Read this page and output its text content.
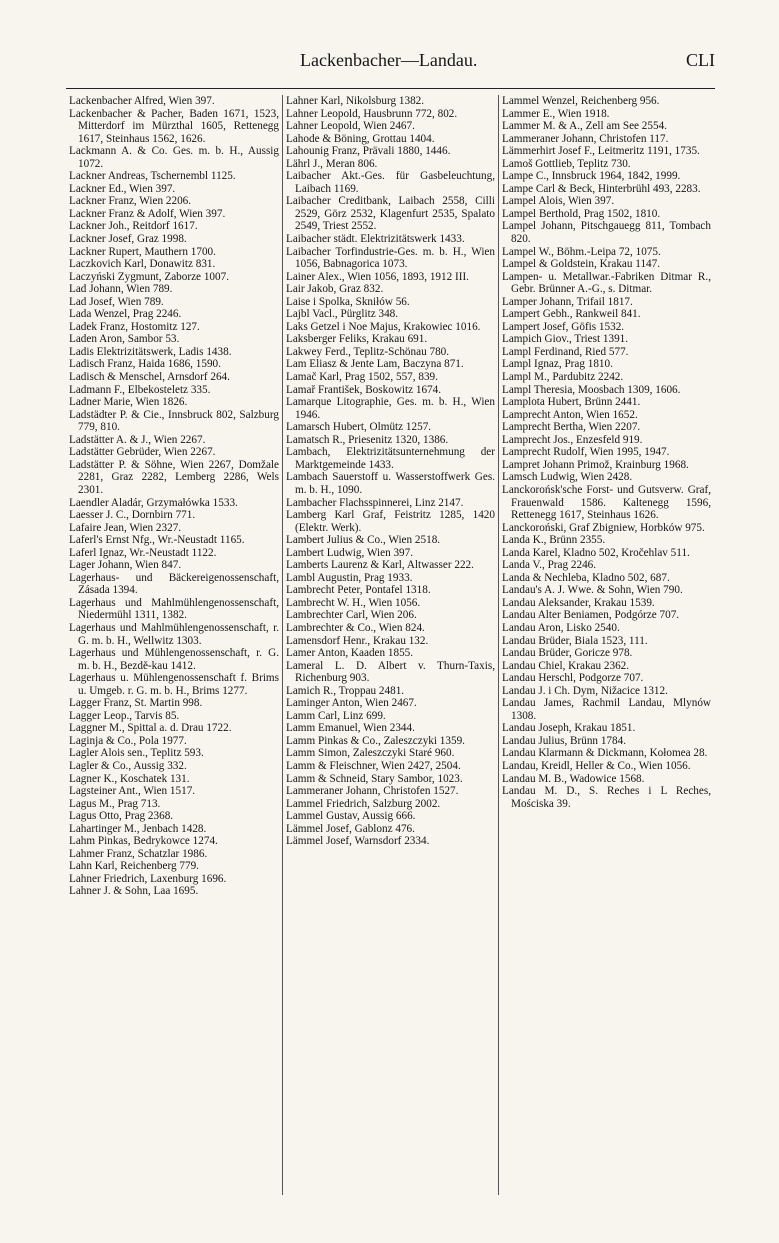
Lackenbacher—Landau.	CLI

Lackenbacher Alfred, Wien 397.

Lackenbacher & Pacher, Baden 1671, 1523, Mitterdorf im Mürzthal 1605, Rettenegg 1617, Steinhaus 1562, 1626.

Lackmann A. & Co. Ges. m. b. H., Aussig 1072.

Lackner Andreas, Tschernembl 1125.

Lackner Ed., Wien 397.

Lackner Franz, Wien 2206.

Lackner Franz & Adolf, Wien 397.

Lackner Joh., Reitdorf 1617.

Lackner Josef, Graz 1998.

Lackner Rupert, Mauthern 1700.

Laczkovich Karl, Donawitz 831.

Laczyński Zygmunt, Zaborze 1007.

Lad Johann, Wien 789.

Lad Josef, Wien 789.

Lada Wenzel, Prag 2246.

Ladek Franz, Hostomitz 127.

Laden Aron, Sambor 53.

Ladis Elektrizitätswerk, Ladis 1438.

Ladisch Franz, Haida 1686, 1590.

Ladisch & Menschel, Arnsdorf 264.

Ladmann F., Elbekosteletz 335.

Ladner Marie, Wien 1826.

Ladstädter P. & Cie., Innsbruck 802, Salzburg 779, 810.

Ladstätter A. & J., Wien 2267.

Ladstätter Gebrüder, Wien 2267.

Ladstätter P. & Söhne, Wien 2267, Domžale 2281, Graz 2282, Lemberg 2286, Wels 2301.

Laendler Aladár, Grzymałówka 1533.

Laesser J. C., Dornbirn 771.

Lafaire Jean, Wien 2327.

Laferl's Ernst Nfg., Wr.-Neustadt 1165.

Laferl Ignaz, Wr.-Neustadt 1122.

Lager Johann, Wien 847.

Lagerhaus- und Bäckereigenossenschaft, Zásada 1394.

Lagerhaus und Mahlmühlengenossenschaft, Niedermühl 1311, 1382.

Lagerhaus und Mahlmühlengenossenschaft, r. G. m. b. H., Wellwitz 1303.

Lagerhaus und Mühlengenossenschaft, r. G. m. b. H., Bezdě-kau 1412.

Lagerhaus u. Mühlengenossenschaft f. Brims u. Umgeb. r. G. m. b. H., Brims 1277.

Lagger Franz, St. Martin 998.

Lagger Leop., Tarvis 85.

Laggner M., Spittal a. d. Drau 1722.

Laginja & Co., Pola 1977.

Lagler Alois sen., Teplitz 593.

Lagler & Co., Aussig 332.

Lagner K., Koschatek 131.

Lagsteiner Ant., Wien 1517.

Lagus M., Prag 713.

Lagus Otto, Prag 2368.

Lahartinger M., Jenbach 1428.

Lahm Pinkas, Bedrykowce 1274.

Lahmer Franz, Schatzlar 1986.

Lahn Karl, Reichenberg 779.

Lahner Friedrich, Laxenburg 1696.

Lahner J. & Sohn, Laa 1695.

Lahner Karl, Nikolsburg 1382.

Lahner Leopold, Hausbrunn 772, 802.

Lahner Leopold, Wien 2467.

Lahode & Böning, Grottau 1404.

Lahounig Franz, Prävali 1880, 1446.

Lährl J., Meran 806.

Laibacher Akt.-Ges. für Gasbeleuchtung, Laibach 1169.

Laibacher Creditbank, Laibach 2558, Cilli 2529, Görz 2532, Klagenfurt 2535, Spalato 2549, Triest 2552.

Laibacher städt. Elektrizitätswerk 1433.

Laibacher Torfindustrie-Ges. m. b. H., Wien 1056, Babnagorica 1073.

Lainer Alex., Wien 1056, 1893, 1912 III.

Lair Jakob, Graz 832.

Laise i Spolka, Skniłów 56.

Lajbl Vacl., Pürglitz 348.

Laks Getzel i Noe Majus, Krakowiec 1016.

Laksberger Feliks, Krakau 691.

Lakwey Ferd., Teplitz-Schönau 780.

Lam Eliasz & Jente Lam, Baczyna 871.

Lamač Karl, Prag 1502, 557, 839.

Lamař František, Boskowitz 1674.

Lamarque Litographie, Ges. m. b. H., Wien 1946.

Lamarsch Hubert, Olmütz 1257.

Lamatsch R., Priesenitz 1320, 1386.

Lambach, Elektrizitätsunternehmung der Marktgemeinde 1433.

Lambach Sauerstoff u. Wasserstoffwerk Ges. m. b. H., 1090.

Lambacher Flachsspinnerei, Linz 2147.

Lamberg Karl Graf, Feistritz 1285, 1420 (Elektr. Werk).

Lambert Julius & Co., Wien 2518.

Lambert Ludwig, Wien 397.

Lamberts Laurenz & Karl, Altwasser 222.

Lambl Augustin, Prag 1933.

Lambrecht Peter, Pontafel 1318.

Lambrecht W. H., Wien 1056.

Lambrechter Carl, Wien 206.

Lambrechter & Co., Wien 824.

Lamensdorf Henr., Krakau 132.

Lamer Anton, Kaaden 1855.

Lameral L. D. Albert v. Thurn-Taxis, Richenburg 903.

Lamich R., Troppau 2481.

Laminger Anton, Wien 2467.

Lamm Carl, Linz 699.

Lamm Emanuel, Wien 2344.

Lamm Pinkas & Co., Zaleszczyki 1359.

Lamm Simon, Zaleszczyki Staré 960.

Lamm & Fleischner, Wien 2427, 2504.

Lamm & Schneid, Stary Sambor, 1023.

Lammeraner Johann, Christofen 1527.

Lammel Friedrich, Salzburg 2002.

Lammel Gustav, Aussig 666.

Lämmel Josef, Gablonz 476.

Lämmel Josef, Warnsdorf 2334.

Lammel Wenzel, Reichenberg 956.

Lammer E., Wien 1918.

Lammer M. & A., Zell am See 2554.

Lammeraner Johann, Christofen 117.

Lämmerhirt Josef F., Leitmeritz 1191, 1735.

Lamoš Gottlieb, Teplitz 730.

Lampe C., Innsbruck 1964, 1842, 1999.

Lampe Carl & Beck, Hinterbrühl 493, 2283.

Lampel Alois, Wien 397.

Lampel Berthold, Prag 1502, 1810.

Lampel Johann, Pitschgauegg 811, Tombach 820.

Lampel W., Böhm.-Leipa 72, 1075.

Lampel & Goldstein, Krakau 1147.

Lampen- u. Metallwar.-Fabriken Ditmar R., Gebr. Brünner A.-G., s. Ditmar.

Lamper Johann, Trifail 1817.

Lampert Gebh., Rankweil 841.

Lampert Josef, Göfis 1532.

Lampich Giov., Triest 1391.

Lampl Ferdinand, Ried 577.

Lampl Ignaz, Prag 1810.

Lampl M., Pardubitz 2242.

Lampl Theresia, Moosbach 1309, 1606.

Lamplota Hubert, Brünn 2441.

Lamprecht Anton, Wien 1652.

Lamprecht Bertha, Wien 2207.

Lamprecht Jos., Enzesfeld 919.

Lamprecht Rudolf, Wien 1995, 1947.

Lampret Johann Primož, Krainburg 1968.

Lamsch Ludwig, Wien 2428.

Lanckorońsk'sche Forst- und Gutsverw. Graf, Frauenwald 1586. Kaltenegg 1596, Rettenegg 1617, Steinhaus 1626.

Lanckoroński, Graf Zbigniew, Horbków 975.

Landa K., Brünn 2355.

Landa Karel, Kladno 502, Kročehlav 511.

Landa V., Prag 2246.

Landa & Nechleba, Kladno 502, 687.

Landau's A. J. Wwe. & Sohn, Wien 790.

Landau Aleksander, Krakau 1539.

Landau Alter Beniamen, Podgórze 707.

Landau Aron, Lisko 2540.

Landau Brüder, Biala 1523, 111.

Landau Brüder, Goricze 978.

Landau Chiel, Krakau 2362.

Landau Herschl, Podgorze 707.

Landau J. i Ch. Dym, Nižacice 1312.

Landau James, Rachmil Landau, Mlynów 1308.

Landau Joseph, Krakau 1851.

Landau Julius, Brünn 1784.

Landau Klarmann & Dickmann, Kołomea 28.

Landau, Kreidl, Heller & Co., Wien 1056.

Landau M. B., Wadowice 1568.

Landau M. D., S. Reches i L Reches, Mościska 39.
